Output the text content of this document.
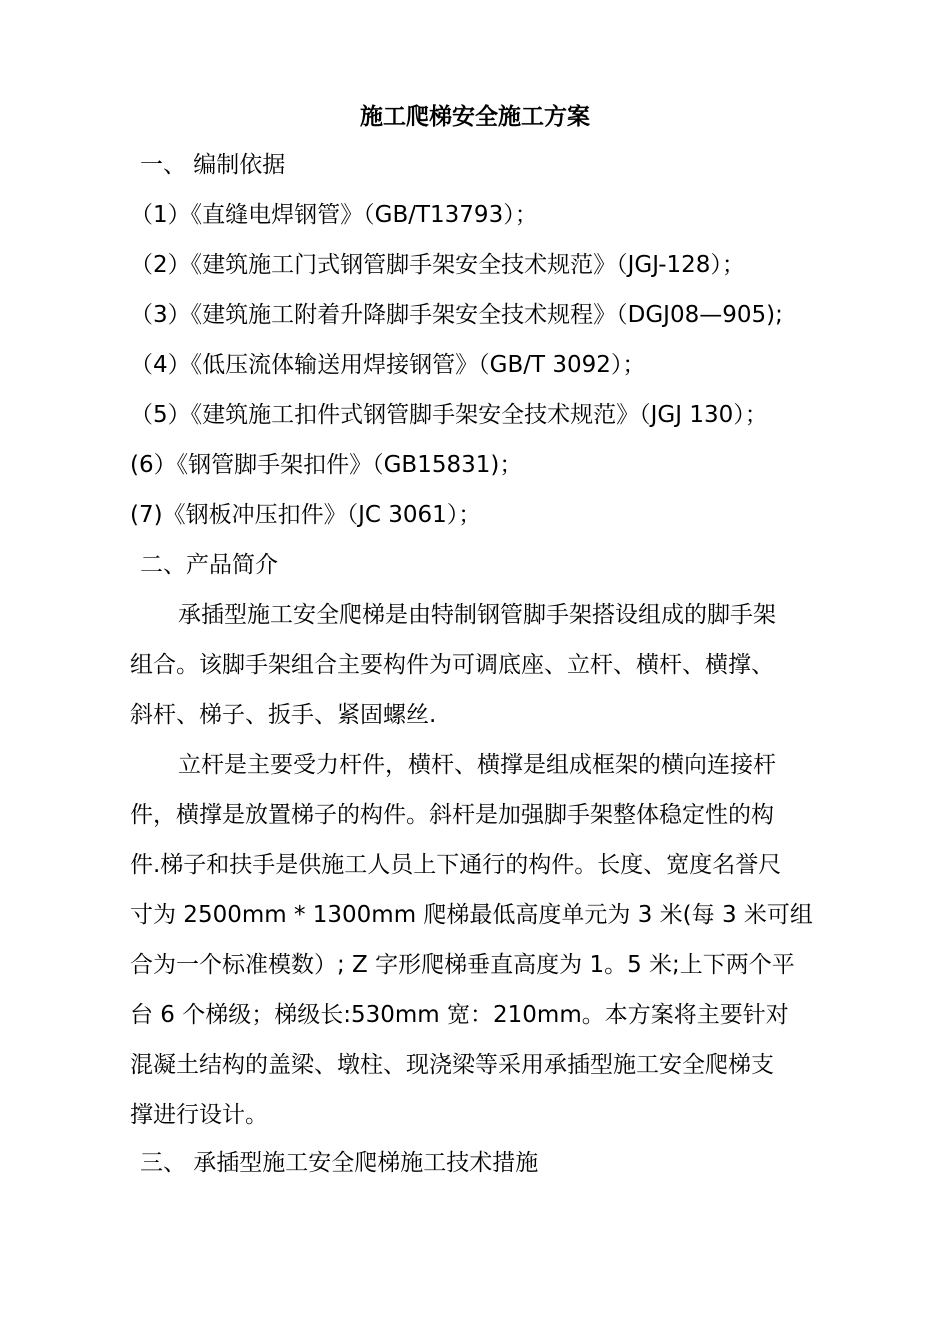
施工爬梯安全施工方案
一、 编制依据
（1）《直缝电焊钢管》（GB/T13793）；
（2）《建筑施工门式钢管脚手架安全技术规范》（JGJ-128）；
（3）《建筑施工附着升降脚手架安全技术规程》（DGJ08—905);
（4）《低压流体输送用焊接钢管》（GB/T 3092）；
（5）《建筑施工扣件式钢管脚手架安全技术规范》（JGJ 130）；
(6）《钢管脚手架扣件》（GB15831)；
(7)《钢板冲压扣件》（JC 3061）；
二、产品简介
承插型施工安全爬梯是由特制钢管脚手架搭设组成的脚手架
组合。该脚手架组合主要构件为可调底座、立杆、横杆、横撑、
斜杆、梯子、扳手、紧固螺丝.
立杆是主要受力杆件，横杆、横撑是组成框架的横向连接杆
件，横撑是放置梯子的构件。斜杆是加强脚手架整体稳定性的构
件.梯子和扶手是供施工人员上下通行的构件。长度、宽度名誉尺
寸为 2500mm * 1300mm 爬梯最低高度单元为 3 米(每 3 米可组
合为一个标准模数）; Z 字形爬梯垂直高度为 1。5 米;上下两个平
台 6 个梯级；梯级长:530mm 宽：210mm。本方案将主要针对
混凝土结构的盖梁、墩柱、现浇梁等采用承插型施工安全爬梯支
撑进行设计。
三、 承插型施工安全爬梯施工技术措施
